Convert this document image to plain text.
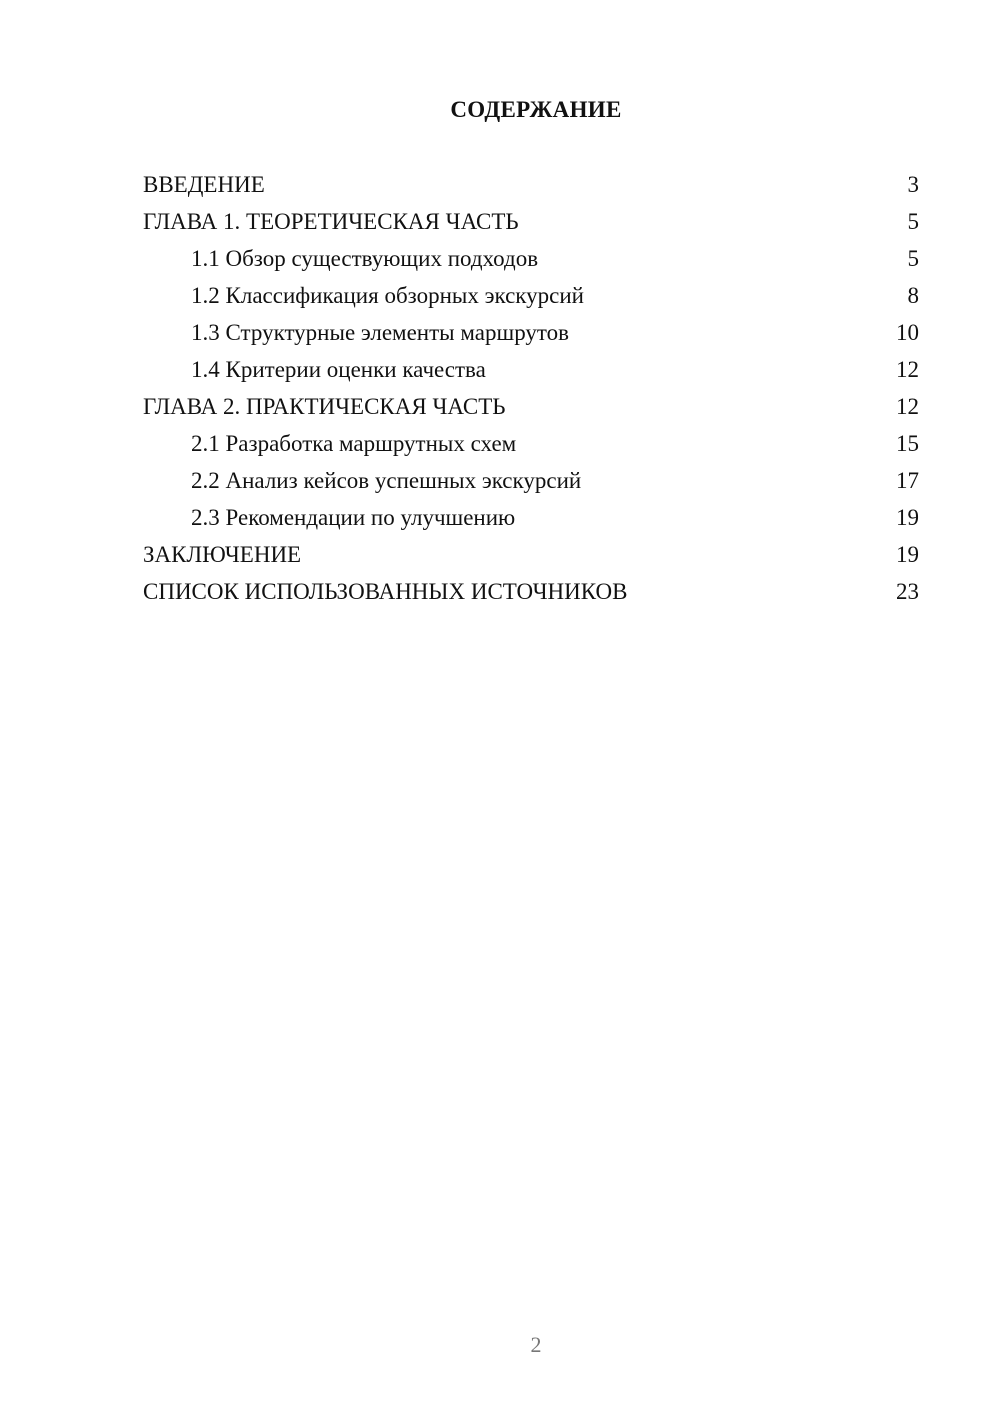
СОДЕРЖАНИЕ
ВВЕДЕНИЕ	3
ГЛАВА 1. ТЕОРЕТИЧЕСКАЯ ЧАСТЬ	5
1.1 Обзор существующих подходов	5
1.2 Классификация обзорных экскурсий	8
1.3 Структурные элементы маршрутов	10
1.4 Критерии оценки качества	12
ГЛАВА 2. ПРАКТИЧЕСКАЯ ЧАСТЬ	12
2.1 Разработка маршрутных схем	15
2.2 Анализ кейсов успешных экскурсий	17
2.3 Рекомендации по улучшению	19
ЗАКЛЮЧЕНИЕ	19
СПИСОК ИСПОЛЬЗОВАННЫХ ИСТОЧНИКОВ	23
2
